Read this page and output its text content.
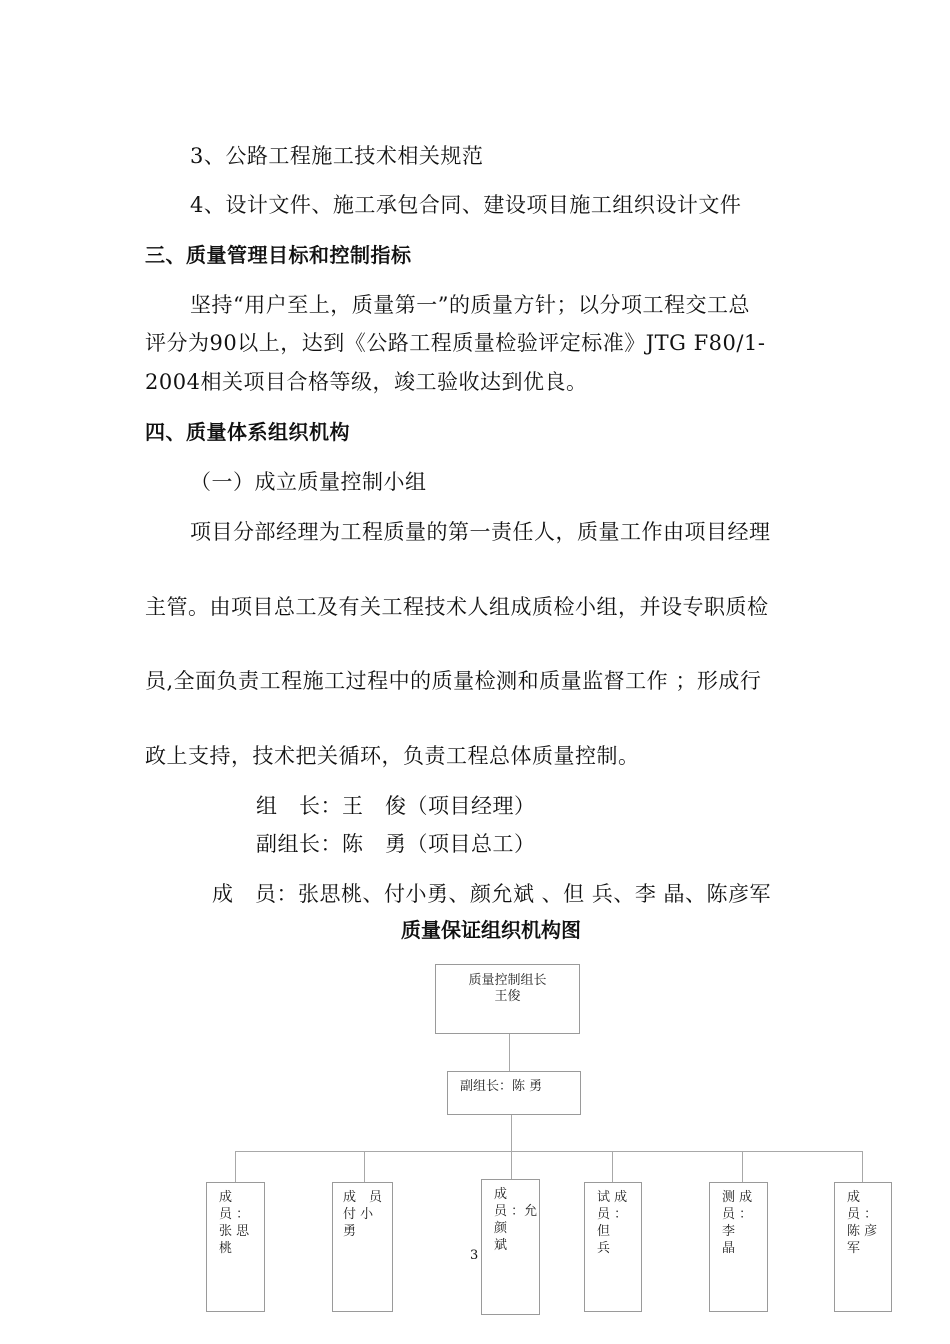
3、公路工程施工技术相关规范
4、设计文件、施工承包合同、建设项目施工组织设计文件
三、质量管理目标和控制指标
坚持“用户至上，质量第一”的质量方针；以分项工程交工总
评分为90以上，达到《公路工程质量检验评定标准》JTG F80/1-
2004相关项目合格等级，竣工验收达到优良。
四、质量体系组织机构
（一）成立质量控制小组
项目分部经理为工程质量的第一责任人，质量工作由项目经理
主管。由项目总工及有关工程技术人组成质检小组，并设专职质检
员,全面负责工程施工过程中的质量检测和质量监督工作 ；形成行
政上支持，技术把关循环，负责工程总体质量控制。
组　长：王　俊（项目经理）
副组长：陈　勇（项目总工）
成　员：张思桃、付小勇、颜允斌 、但 兵、李 晶、陈彦军
质量保证组织机构图
质量控制组长
王俊
副组长：陈 勇
成
员 ：
张 思
桃
成　员
付 小
勇
成
员 ：允
颜
斌
试 成
员 ：
但
兵
测 成
员 ：
李
晶
成
员 ：
陈 彦
军
3
